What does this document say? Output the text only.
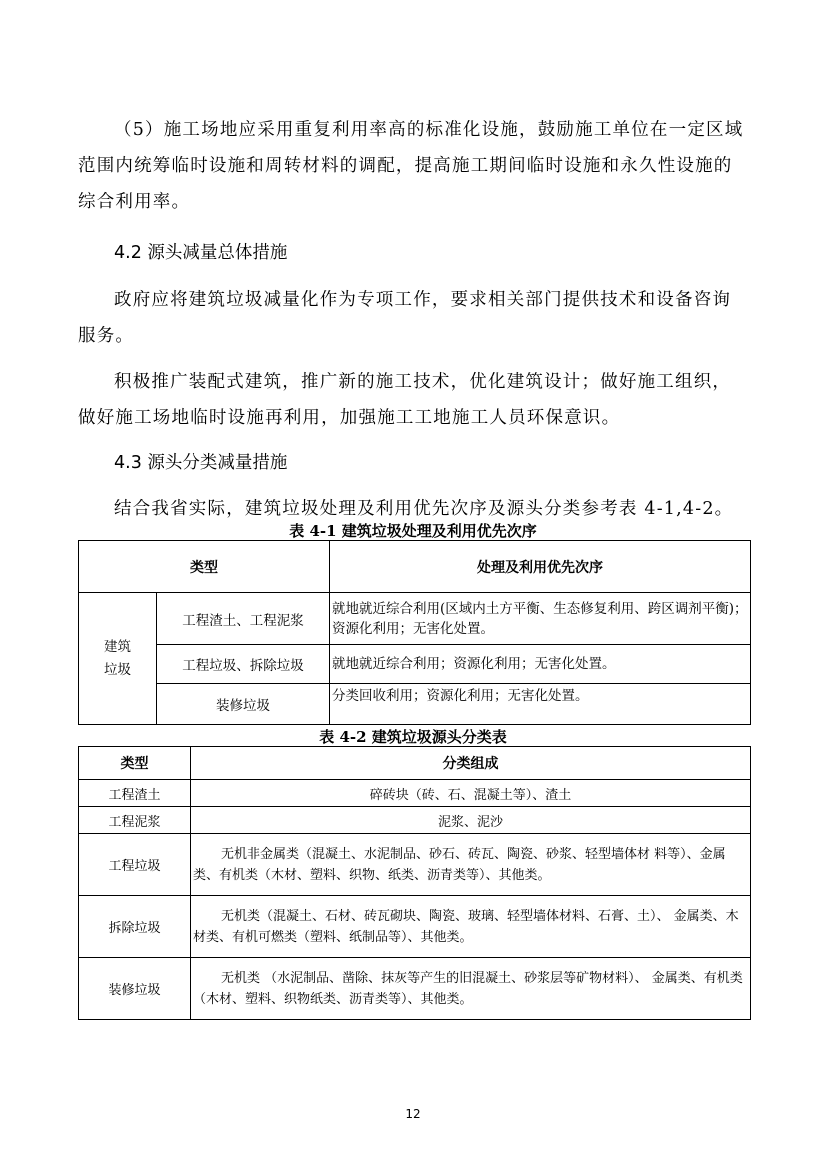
（5）施工场地应采用重复利用率高的标准化设施，鼓励施工单位在一定区域范围内统筹临时设施和周转材料的调配，提高施工期间临时设施和永久性设施的综合利用率。

4.2 源头减量总体措施

政府应将建筑垃圾减量化作为专项工作，要求相关部门提供技术和设备咨询服务。

积极推广装配式建筑，推广新的施工技术，优化建筑设计；做好施工组织，做好施工场地临时设施再利用，加强施工工地施工人员环保意识。

4.3 源头分类减量措施

结合我省实际，建筑垃圾处理及利用优先次序及源头分类参考表 4-1,4-2。

表 4-1 建筑垃圾处理及利用优先次序

类型		处理及利用优先次序
建筑垃圾	工程渣土、工程泥浆	就地就近综合利用(区域内土方平衡、生态修复利用、跨区调剂平衡)；资源化利用；无害化处置。
	工程垃圾、拆除垃圾	就地就近综合利用；资源化利用；无害化处置。
	装修垃圾	分类回收利用；资源化利用；无害化处置。

表 4-2 建筑垃圾源头分类表

类型	分类组成
工程渣土	碎砖块（砖、石、混凝土等）、渣土
工程泥浆	泥浆、泥沙
工程垃圾	无机非金属类（混凝土、水泥制品、砂石、砖瓦、陶瓷、砂浆、轻型墙体材 料等）、金属类、有机类（木材、塑料、织物、纸类、沥青类等）、其他类。
拆除垃圾	无机类（混凝土、石材、砖瓦砌块、陶瓷、玻璃、轻型墙体材料、石膏、土）、 金属类、木材类、有机可燃类（塑料、纸制品等）、其他类。
装修垃圾	无机类 （水泥制品、凿除、抹灰等产生的旧混凝土、砂浆层等矿物材料）、 金属类、有机类（木材、塑料、织物纸类、沥青类等）、其他类。

12
